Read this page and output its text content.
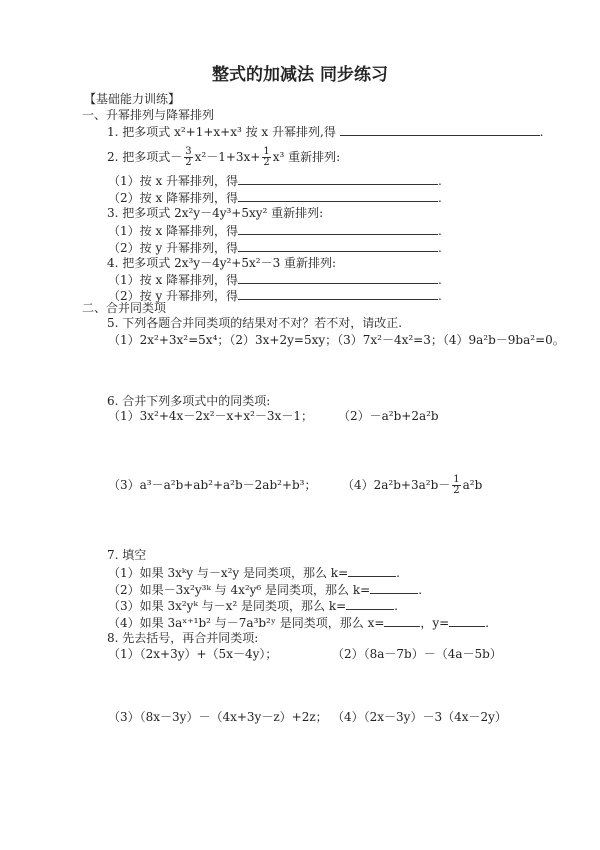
整式的加减法 同步练习
【基础能力训练】
一、升幂排列与降幂排列
1. 把多项式 x²+1+x+x³ 按 x 升幂排列,得	.
2. 把多项式－ $\frac{3}{2} x^2-1+3x+ \frac{1}{2} x^3$ 重新排列:
（1）按 x 升幂排列，得	.
（2）按 x 降幂排列，得	.
3. 把多项式 2x²y－4y³+5xy² 重新排列:
（1）按 x 降幂排列，得	.
（2）按 y 升幂排列，得	.
4. 把多项式 2x³y－4y²+5x²－3 重新排列:
（1）按 x 降幂排列，得	.
（2）按 y 升幂排列，得	.
二、合并同类项
5. 下列各题合并同类项的结果对不对？若不对，请改正.
（1）2x²+3x²=5x⁴；（2）3x+2y=5xy；（3）7x²－4x²=3；（4）9a²b－9ba²=0。
6. 合并下列多项式中的同类项:
（1）3x²+4x－2x²－x+x²－3x－1； （2）－a²b+2a²b
（3）a³－a²b+ab²+a²b－2ab²+b³； $(4)2a^2b+3a^2b- \frac{1}{2} a^2b$
7. 填空
（1）如果 3xᵏy 与－x²y 是同类项，那么 k=	.
（2）如果－3x²y³ᵏ 与 4x²y⁶ 是同类项，那么 k=	.
（3）如果 3x²yᵏ 与－x² 是同类项，那么 k=	.
（4）如果 3aˣ⁺¹b² 与－7a³b²ʸ 是同类项，那么 x=	，y=	.
8. 先去括号，再合并同类项:
（1）（2x+3y）+（5x－4y）；	（2）（8a－7b）－（4a－5b）
（3）（8x－3y）－（4x+3y－z）+2z； （4）（2x－3y）－3（4x－2y）
